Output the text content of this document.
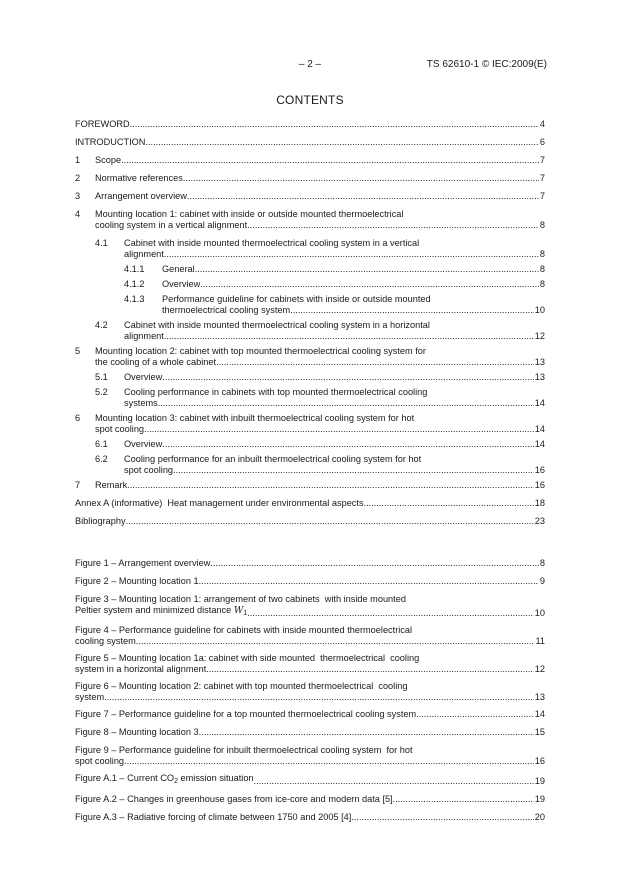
– 2 –	TS 62610-1 © IEC:2009(E)
CONTENTS
FOREWORD .....	4
INTRODUCTION .....	6
1	Scope .....	7
2	Normative references .....	7
3	Arrangement overview .....	7
4 Mounting location 1: cabinet with inside or outside mounted thermoelectrical
cooling system in a vertical alignment .....	8
4.1 Cabinet with inside mounted thermoelectrical cooling system in a vertical
alignment .....	8
4.1.1	General .....	8
4.1.2	Overview .....	8
4.1.3 Performance guideline for cabinets with inside or outside mounted
thermoelectrical cooling system .....	10
4.2 Cabinet with inside mounted thermoelectrical cooling system in a horizontal
alignment .....	12
5 Mounting location 2: cabinet with top mounted thermoelectrical cooling system for
the cooling of a whole cabinet .....	13
5.1	Overview .....	13
5.2 Cooling performance in cabinets with top mounted thermoelectrical cooling
systems .....	14
6 Mounting location 3: cabinet with inbuilt thermoelectrical cooling system for hot
spot cooling .....	14
6.1	Overview .....	14
6.2 Cooling performance for an inbuilt thermoelectrical cooling system for hot
spot cooling .....	16
7	Remark .....	16
Annex A (informative)  Heat management under environmental aspects .....	18
Bibliography .....	23
Figure 1 – Arrangement overview .....	8
Figure 2 – Mounting location 1 .....	9
Figure 3 – Mounting location 1: arrangement of two cabinets  with inside mounted
Peltier system and minimized distance $W_1$ .....	10
Figure 4 – Performance guideline for cabinets with inside mounted thermoelectrical
cooling system .....	11
Figure 5 – Mounting location 1a: cabinet with side mounted  thermoelectrical  cooling
system in a horizontal alignment .....	12
Figure 6 – Mounting location 2: cabinet with top mounted thermoelectrical  cooling
system .....	13
Figure 7 – Performance guideline for a top mounted thermoelectrical cooling system .....	14
Figure 8 – Mounting location 3 .....	15
Figure 9 – Performance guideline for inbuilt thermoelectrical cooling system  for hot
spot cooling .....	16
Figure A.1 – Current $CO_2$ emission situation .....	19
Figure A.2 – Changes in greenhouse gases from ice-core and modern data [5] .....	19
Figure A.3 – Radiative forcing of climate between 1750 and 2005 [4] .....	20
